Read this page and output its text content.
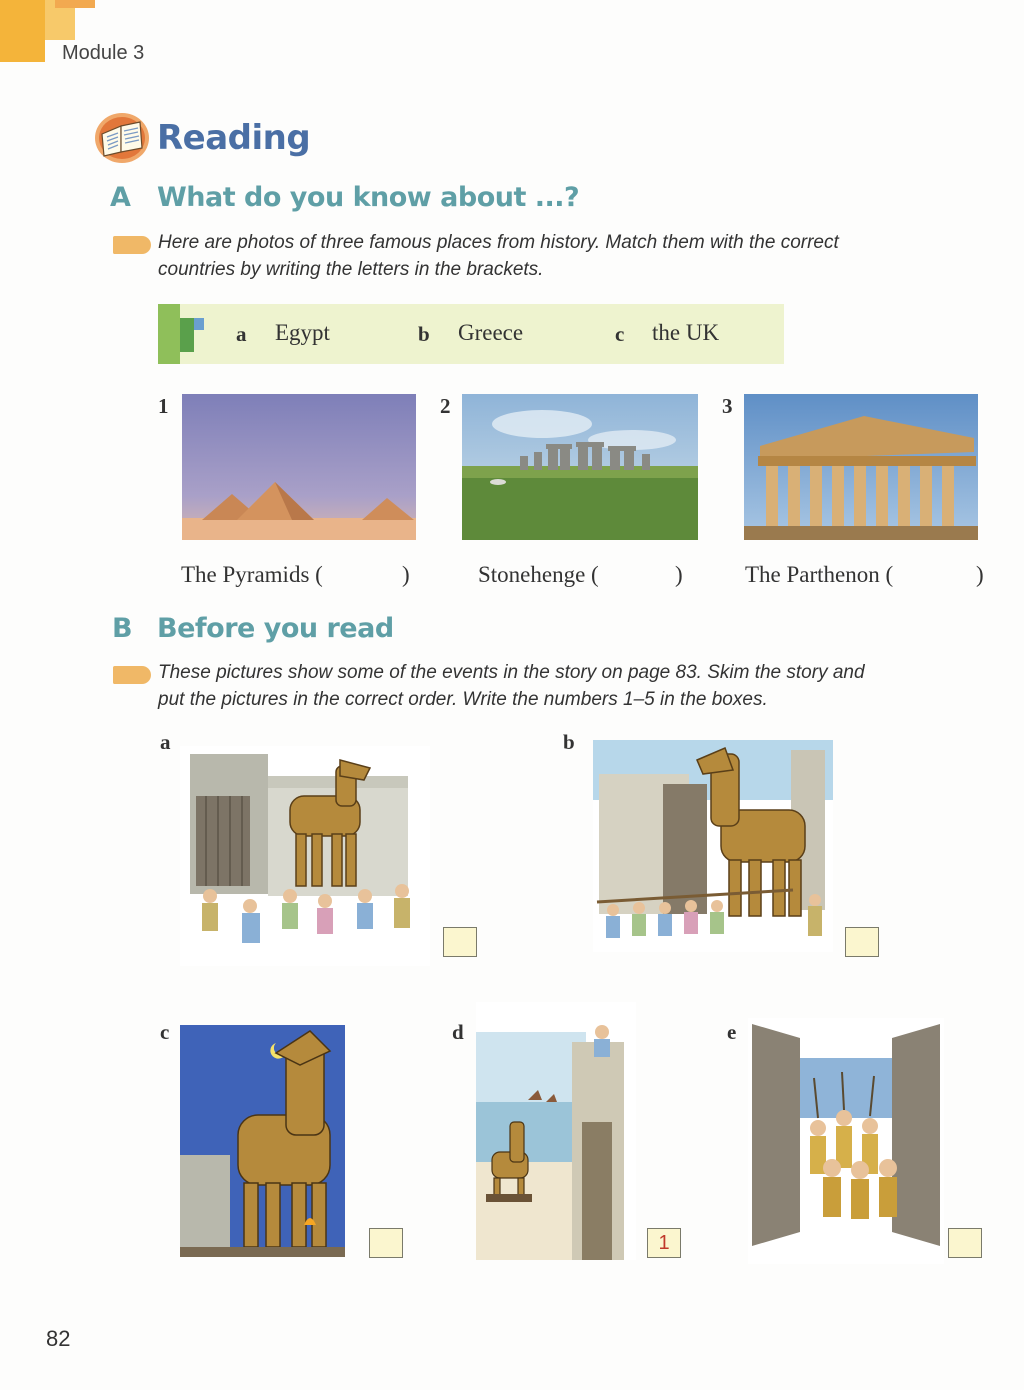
Module 3
Reading
A What do you know about ...?
Here are photos of three famous places from history. Match them with the correct
countries by writing the letters in the brackets.
a Egypt	b Greece	c the UK
1	2	3
The Pyramids (	)	Stonehenge (	)	The Parthenon (	)
B Before you read
These pictures show some of the events in the story on page 83. Skim the story and
put the pictures in the correct order. Write the numbers 1–5 in the boxes.
a	b
c	d
1
e
82
